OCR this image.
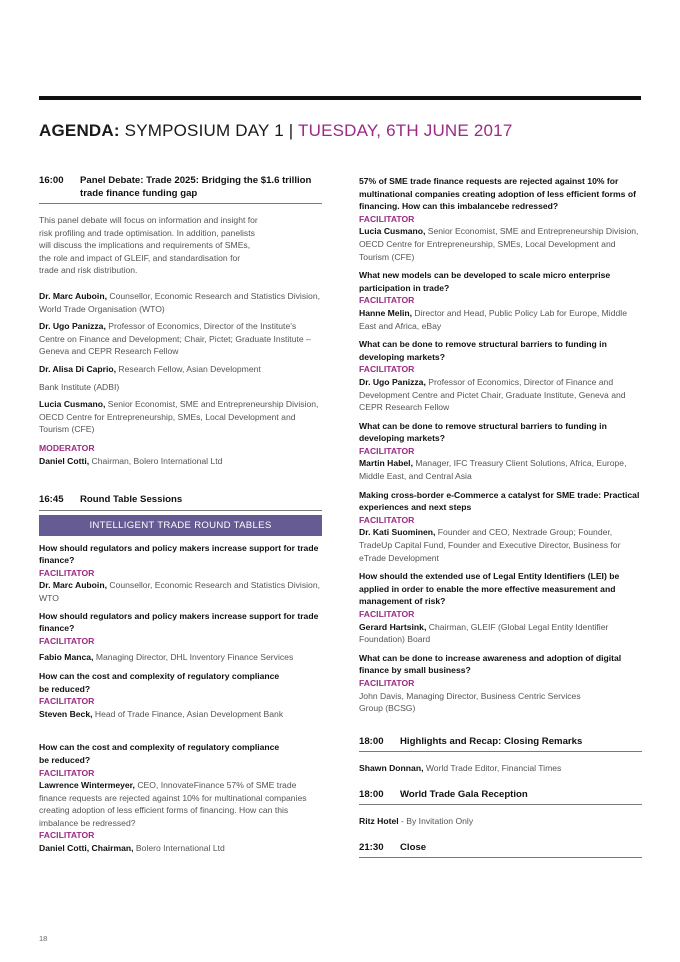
AGENDA: SYMPOSIUM DAY 1 | TUESDAY, 6TH JUNE 2017
16:00	Panel Debate: Trade 2025: Bridging the $1.6 trillion trade finance funding gap

This panel debate will focus on information and insight for

risk profiling and trade optimisation. In addition, panelists

will discuss the implications and requirements of SMEs,

the role and impact of GLEIF, and standardisation for

trade and risk distribution.

Dr. Marc Auboin, Counsellor, Economic Research and Statistics Division, World Trade Organisation (WTO)

Dr. Ugo Panizza, Professor of Economics, Director of the Institute's Centre on Finance and Development; Chair, Pictet; Graduate Institute – Geneva and CEPR Research Fellow

Dr. Alisa Di Caprio, Research Fellow, Asian Development

Bank Institute (ADBI)

Lucia Cusmano, Senior Economist, SME and Entrepreneurship Division, OECD Centre for Entrepreneurship, SMEs, Local Development and Tourism (CFE)

MODERATOR

Daniel Cotti, Chairman, Bolero International Ltd

16:45	Round Table Sessions
INTELLIGENT TRADE ROUND TABLES

How should regulators and policy makers increase support for trade finance?

FACILITATOR

Dr. Marc Auboin, Counsellor, Economic Research and Statistics Division, WTO

How should regulators and policy makers increase support for trade finance?

FACILITATOR

Fabio Manca, Managing Director, DHL Inventory Finance Services

How can the cost and complexity of regulatory compliance

be reduced?

FACILITATOR

Steven Beck, Head of Trade Finance, Asian Development Bank

How can the cost and complexity of regulatory compliance

be reduced?

FACILITATOR

Lawrence Wintermeyer, CEO, InnovateFinance 57% of SME trade finance requests are rejected against 10% for multinational companies creating adoption of less efficient forms of financing. How can this imbalance be redressed?

FACILITATOR

Daniel Cotti, Chairman, Bolero International Ltd

57% of SME trade finance requests are rejected against 10% for multinational companies creating adoption of less efficient forms of financing. How can this imbalancebe redressed?

FACILITATOR

Lucia Cusmano, Senior Economist, SME and Entrepreneurship Division, OECD Centre for Entrepreneurship, SMEs, Local Development and Tourism (CFE)

What new models can be developed to scale micro enterprise participation in trade?

FACILITATOR

Hanne Melin, Director and Head, Public Policy Lab for Europe, Middle East and Africa, eBay

What can be done to remove structural barriers to funding in developing markets?

FACILITATOR

Dr. Ugo Panizza, Professor of Economics, Director of Finance and Development Centre and Pictet Chair, Graduate Institute, Geneva and CEPR Research Fellow

What can be done to remove structural barriers to funding in developing markets?

FACILITATOR

Martin Habel, Manager, IFC Treasury Client Solutions, Africa, Europe, Middle East, and Central Asia

Making cross-border e-Commerce a catalyst for SME trade: Practical experiences and next steps

FACILITATOR

Dr. Kati Suominen, Founder and CEO, Nextrade Group; Founder, TradeUp Capital Fund, Founder and Executive Director, Business for eTrade Development

How should the extended use of Legal Entity Identifiers (LEI) be applied in order to enable the more effective measurement and management of risk?

FACILITATOR

Gerard Hartsink, Chairman, GLEIF (Global Legal Entity Identifier Foundation) Board

What can be done to increase awareness and adoption of digital finance by small business?

FACILITATOR

John Davis, Managing Director, Business Centric Services

Group (BCSG)

18:00	Highlights and Recap: Closing Remarks

Shawn Donnan, World Trade Editor, Financial Times

18:00	World Trade Gala Reception

Ritz Hotel - By Invitation Only

21:30	Close
18
